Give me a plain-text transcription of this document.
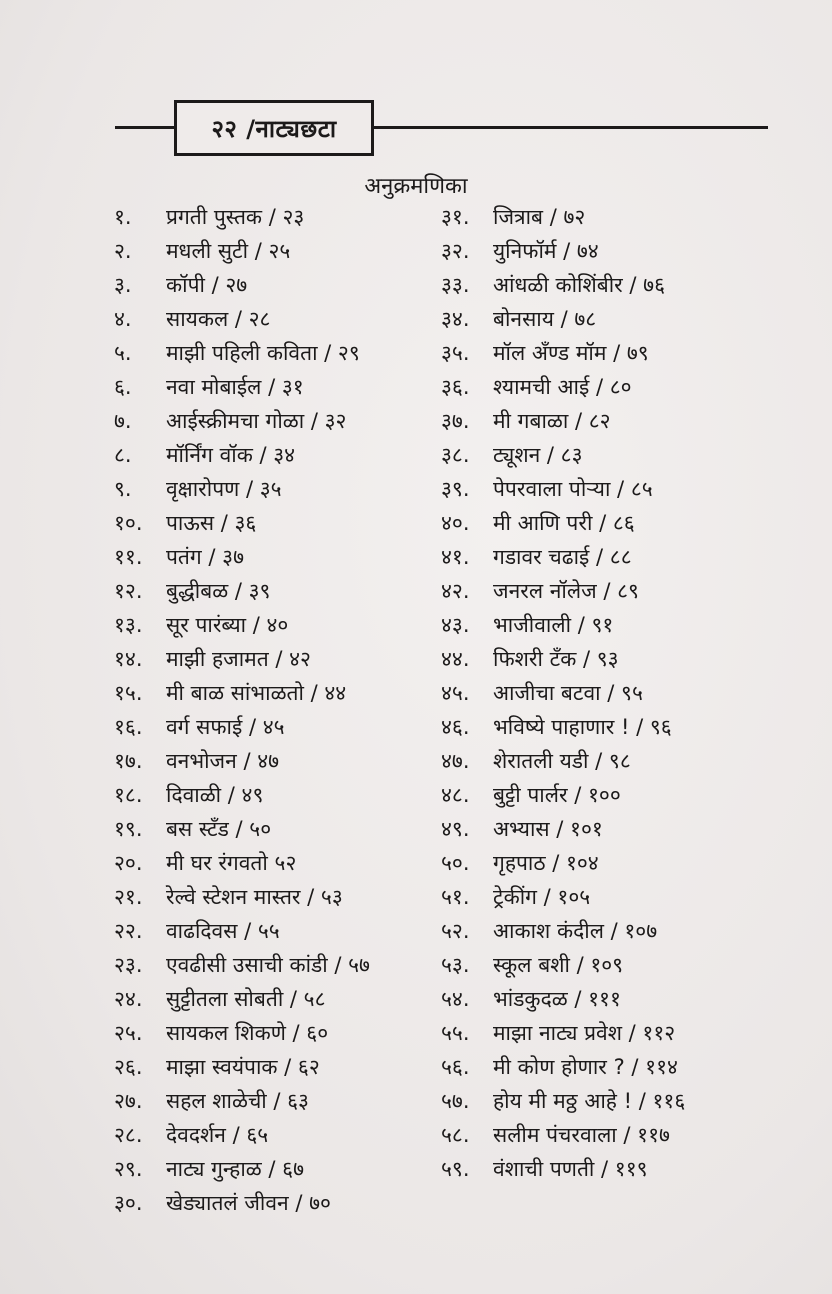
२२ /नाट्यछटा
अनुक्रमणिका
१. प्रगती पुस्तक / २३
२. मधली सुटी / २५
३. कॉपी / २७
४. सायकल / २८
५. माझी पहिली कविता / २९
६. नवा मोबाईल / ३१
७. आईस्क्रीमचा गोळा / ३२
८. मॉर्निंग वॉक / ३४
९. वृक्षारोपण / ३५
१०. पाऊस / ३६
११. पतंग / ३७
१२. बुद्धीबळ / ३९
१३. सूर पारंब्या / ४०
१४. माझी हजामत / ४२
१५. मी बाळ सांभाळतो / ४४
१६. वर्ग सफाई / ४५
१७. वनभोजन / ४७
१८. दिवाळी / ४९
१९. बस स्टँड / ५०
२०. मी घर रंगवतो ५२
२१. रेल्वे स्टेशन मास्तर / ५३
२२. वाढदिवस / ५५
२३. एवढीसी उसाची कांडी / ५७
२४. सुट्टीतला सोबती / ५८
२५. सायकल शिकणे / ६०
२६. माझा स्वयंपाक / ६२
२७. सहल शाळेची / ६३
२८. देवदर्शन / ६५
२९. नाट्य गुन्हाळ / ६७
३०. खेड्यातलं जीवन / ७०
३१. जित्राब / ७२
३२. युनिफॉर्म / ७४
३३. आंधळी कोशिंबीर / ७६
३४. बोनसाय / ७८
३५. मॉल अँण्ड मॉम / ७९
३६. श्यामची आई / ८०
३७. मी गबाळा / ८२
३८. ट्यूशन / ८३
३९. पेपरवाला पोऱ्या / ८५
४०. मी आणि परी / ८६
४१. गडावर चढाई / ८८
४२. जनरल नॉलेज / ८९
४३. भाजीवाली / ९१
४४. फिशरी टँक / ९३
४५. आजीचा बटवा / ९५
४६. भविष्ये पाहाणार ! / ९६
४७. शेरातली यडी / ९८
४८. बुट्टी पार्लर / १००
४९. अभ्यास / १०१
५०. गृहपाठ / १०४
५१. ट्रेकींग / १०५
५२. आकाश कंदील / १०७
५३. स्कूल बशी / १०९
५४. भांडकुदळ / १११
५५. माझा नाट्य प्रवेश / ११२
५६. मी कोण होणार ? / ११४
५७. होय मी मठ्ठ आहे ! / ११६
५८. सलीम पंचरवाला / ११७
५९. वंशाची पणती / ११९
